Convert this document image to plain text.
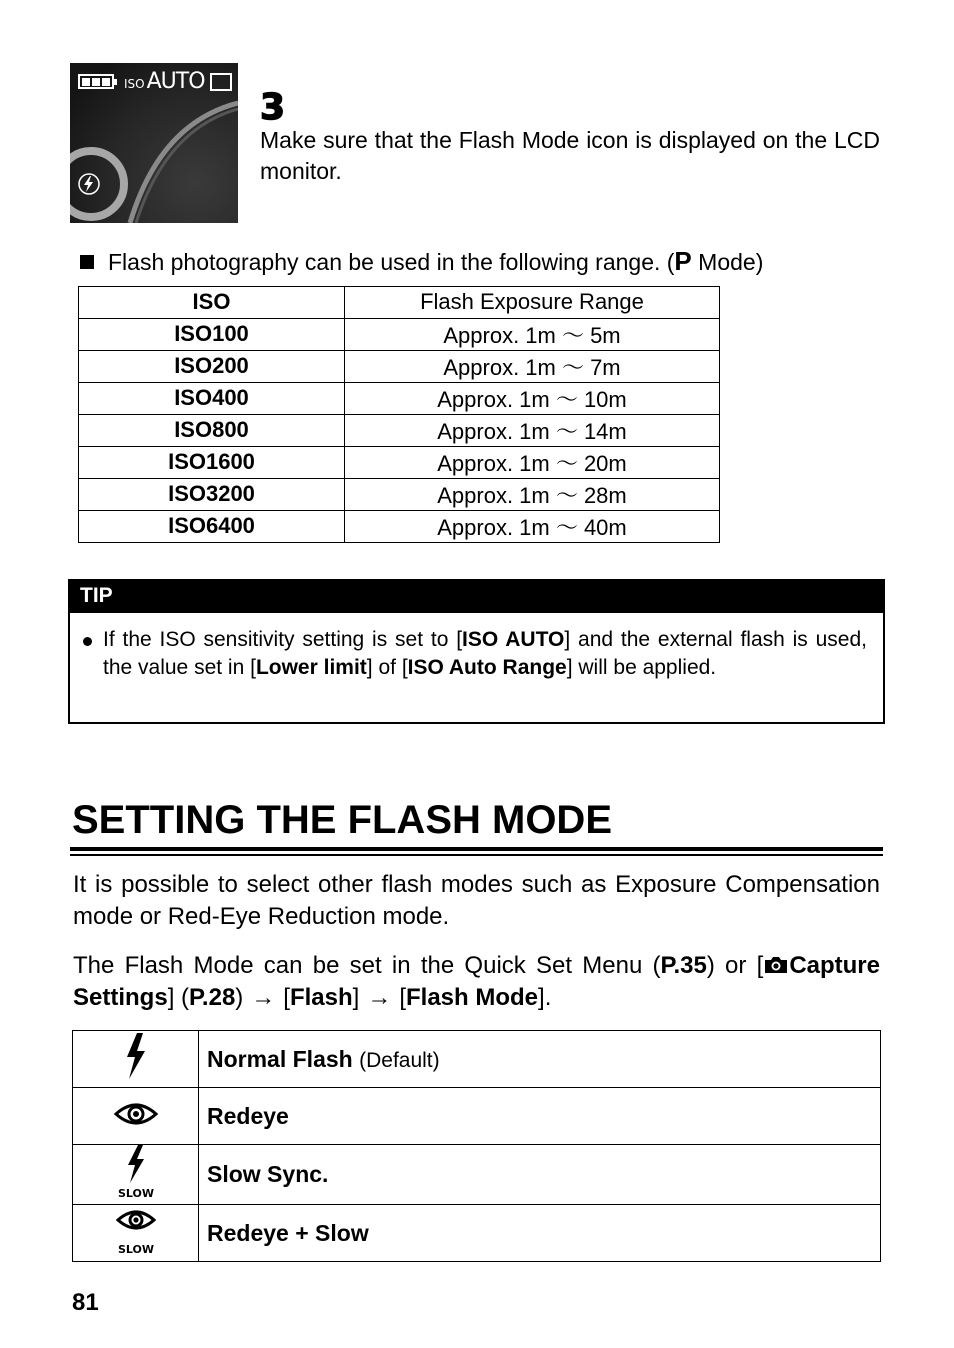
ISOAUTO
3
Make sure that the Flash Mode icon is displayed on the LCD monitor.
Flash photography can be used in the following range. (P Mode)
ISO	Flash Exposure Range
ISO100	Approx. 1m ～ 5m
ISO200	Approx. 1m ～ 7m
ISO400	Approx. 1m ～ 10m
ISO800	Approx. 1m ～ 14m
ISO1600	Approx. 1m ～ 20m
ISO3200	Approx. 1m ～ 28m
ISO6400	Approx. 1m ～ 40m
TIP
If the ISO sensitivity setting is set to [ISO AUTO] and the external flash is used, the value set in [Lower limit] of [ISO Auto Range] will be applied.
SETTING THE FLASH MODE
It is possible to select other flash modes such as Exposure Compensation mode or Red-Eye Reduction mode.
The Flash Mode can be set in the Quick Set Menu (P.35) or [ Capture Settings] (P.28) → [Flash] → [Flash Mode].
	Normal Flash (Default)
	Redeye

SLOW	Slow Sync.

SLOW	Redeye + Slow
81
